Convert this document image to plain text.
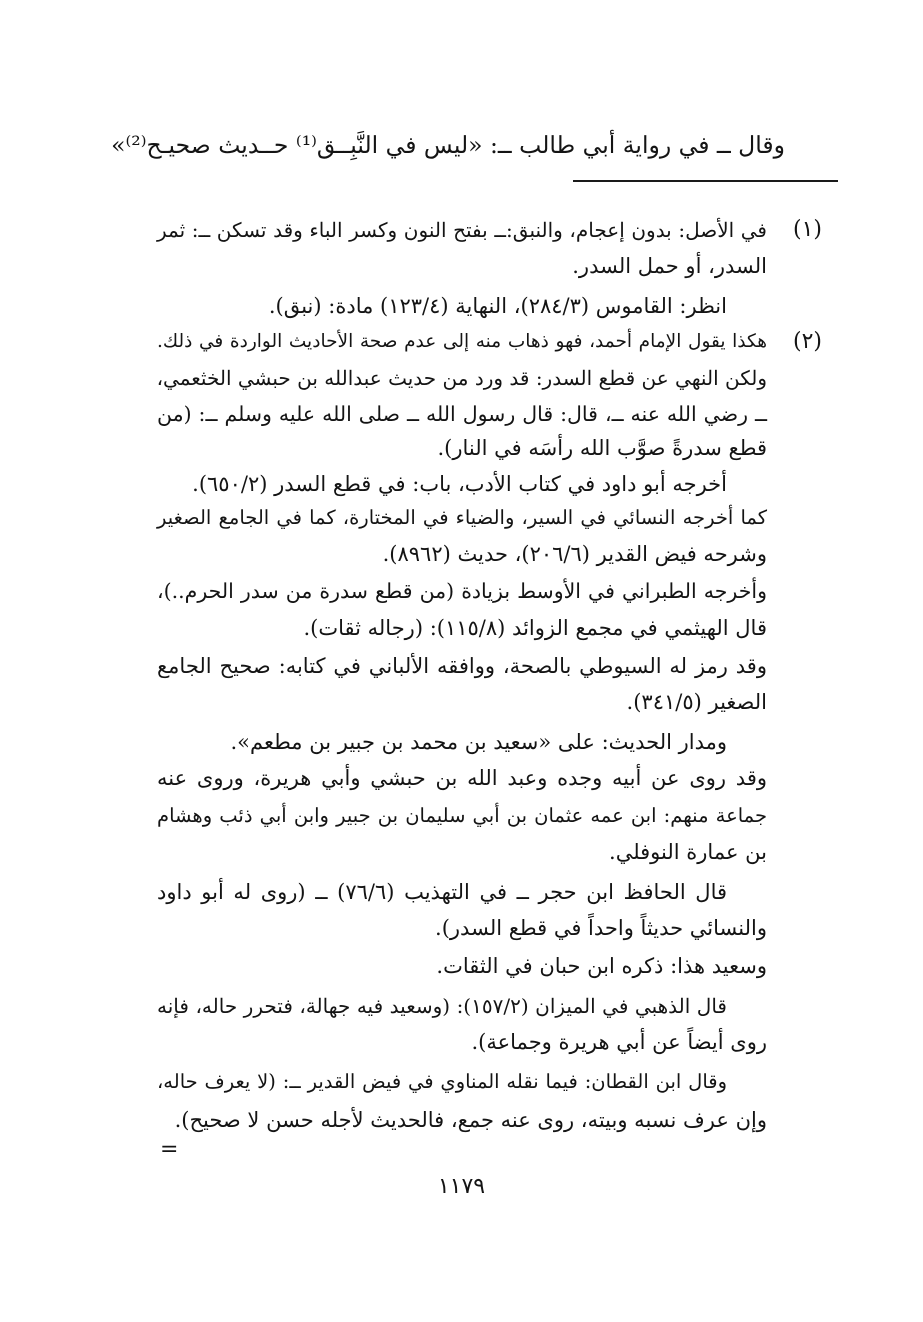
وقال ــ في رواية أبي طالب ــ: «ليس في النَّبِــق⁽¹⁾ حــديث صحيـح⁽²⁾»
(١)
في الأصل: بدون إعجام، والنبق:ــ بفتح النون وكسر الباء وقد تسكن ــ: ثمر
السدر، أو حمل السدر.
انظر: القاموس (٢٨٤/٣)، النهاية (١٢٣/٤) مادة: (نبق).
(٢)
هكذا يقول الإمام أحمد، فهو ذهاب منه إلى عدم صحة الأحاديث الواردة في ذلك.
ولكن النهي عن قطع السدر: قد ورد من حديث عبدالله بن حبشي الخثعمي،
ــ رضي الله عنه ــ، قال: قال رسول الله ــ صلى الله عليه وسلم ــ: (من
قطع سدرةً صوَّب الله رأسَه في النار).
أخرجه أبو داود في كتاب الأدب، باب: في قطع السدر (٦٥٠/٢).
كما أخرجه النسائي في السير، والضياء في المختارة، كما في الجامع الصغير
وشرحه فيض القدير (٢٠٦/٦)، حديث (٨٩٦٢).
وأخرجه الطبراني في الأوسط بزيادة (من قطع سدرة من سدر الحرم..)،
قال الهيثمي في مجمع الزوائد (١١٥/٨): (رجاله ثقات).
وقد رمز له السيوطي بالصحة، ووافقه الألباني في كتابه: صحيح الجامع
الصغير (٣٤١/٥).
ومدار الحديث: على «سعيد بن محمد بن جبير بن مطعم».
وقد روى عن أبيه وجده وعبد الله بن حبشي وأبي هريرة، وروى عنه
جماعة منهم: ابن عمه عثمان بن أبي سليمان بن جبير وابن أبي ذئب وهشام
بن عمارة النوفلي.
قال الحافظ ابن حجر ــ في التهذيب (٧٦/٦) ــ (روى له أبو داود
والنسائي حديثاً واحداً في قطع السدر).
وسعيد هذا: ذكره ابن حبان في الثقات.
قال الذهبي في الميزان (١٥٧/٢): (وسعيد فيه جهالة، فتحرر حاله، فإنه
روى أيضاً عن أبي هريرة وجماعة).
وقال ابن القطان: فيما نقله المناوي في فيض القدير ــ: (لا يعرف حاله،
وإن عرف نسبه وبيته، روى عنه جمع، فالحديث لأجله حسن لا صحيح).
=
١١٧٩
